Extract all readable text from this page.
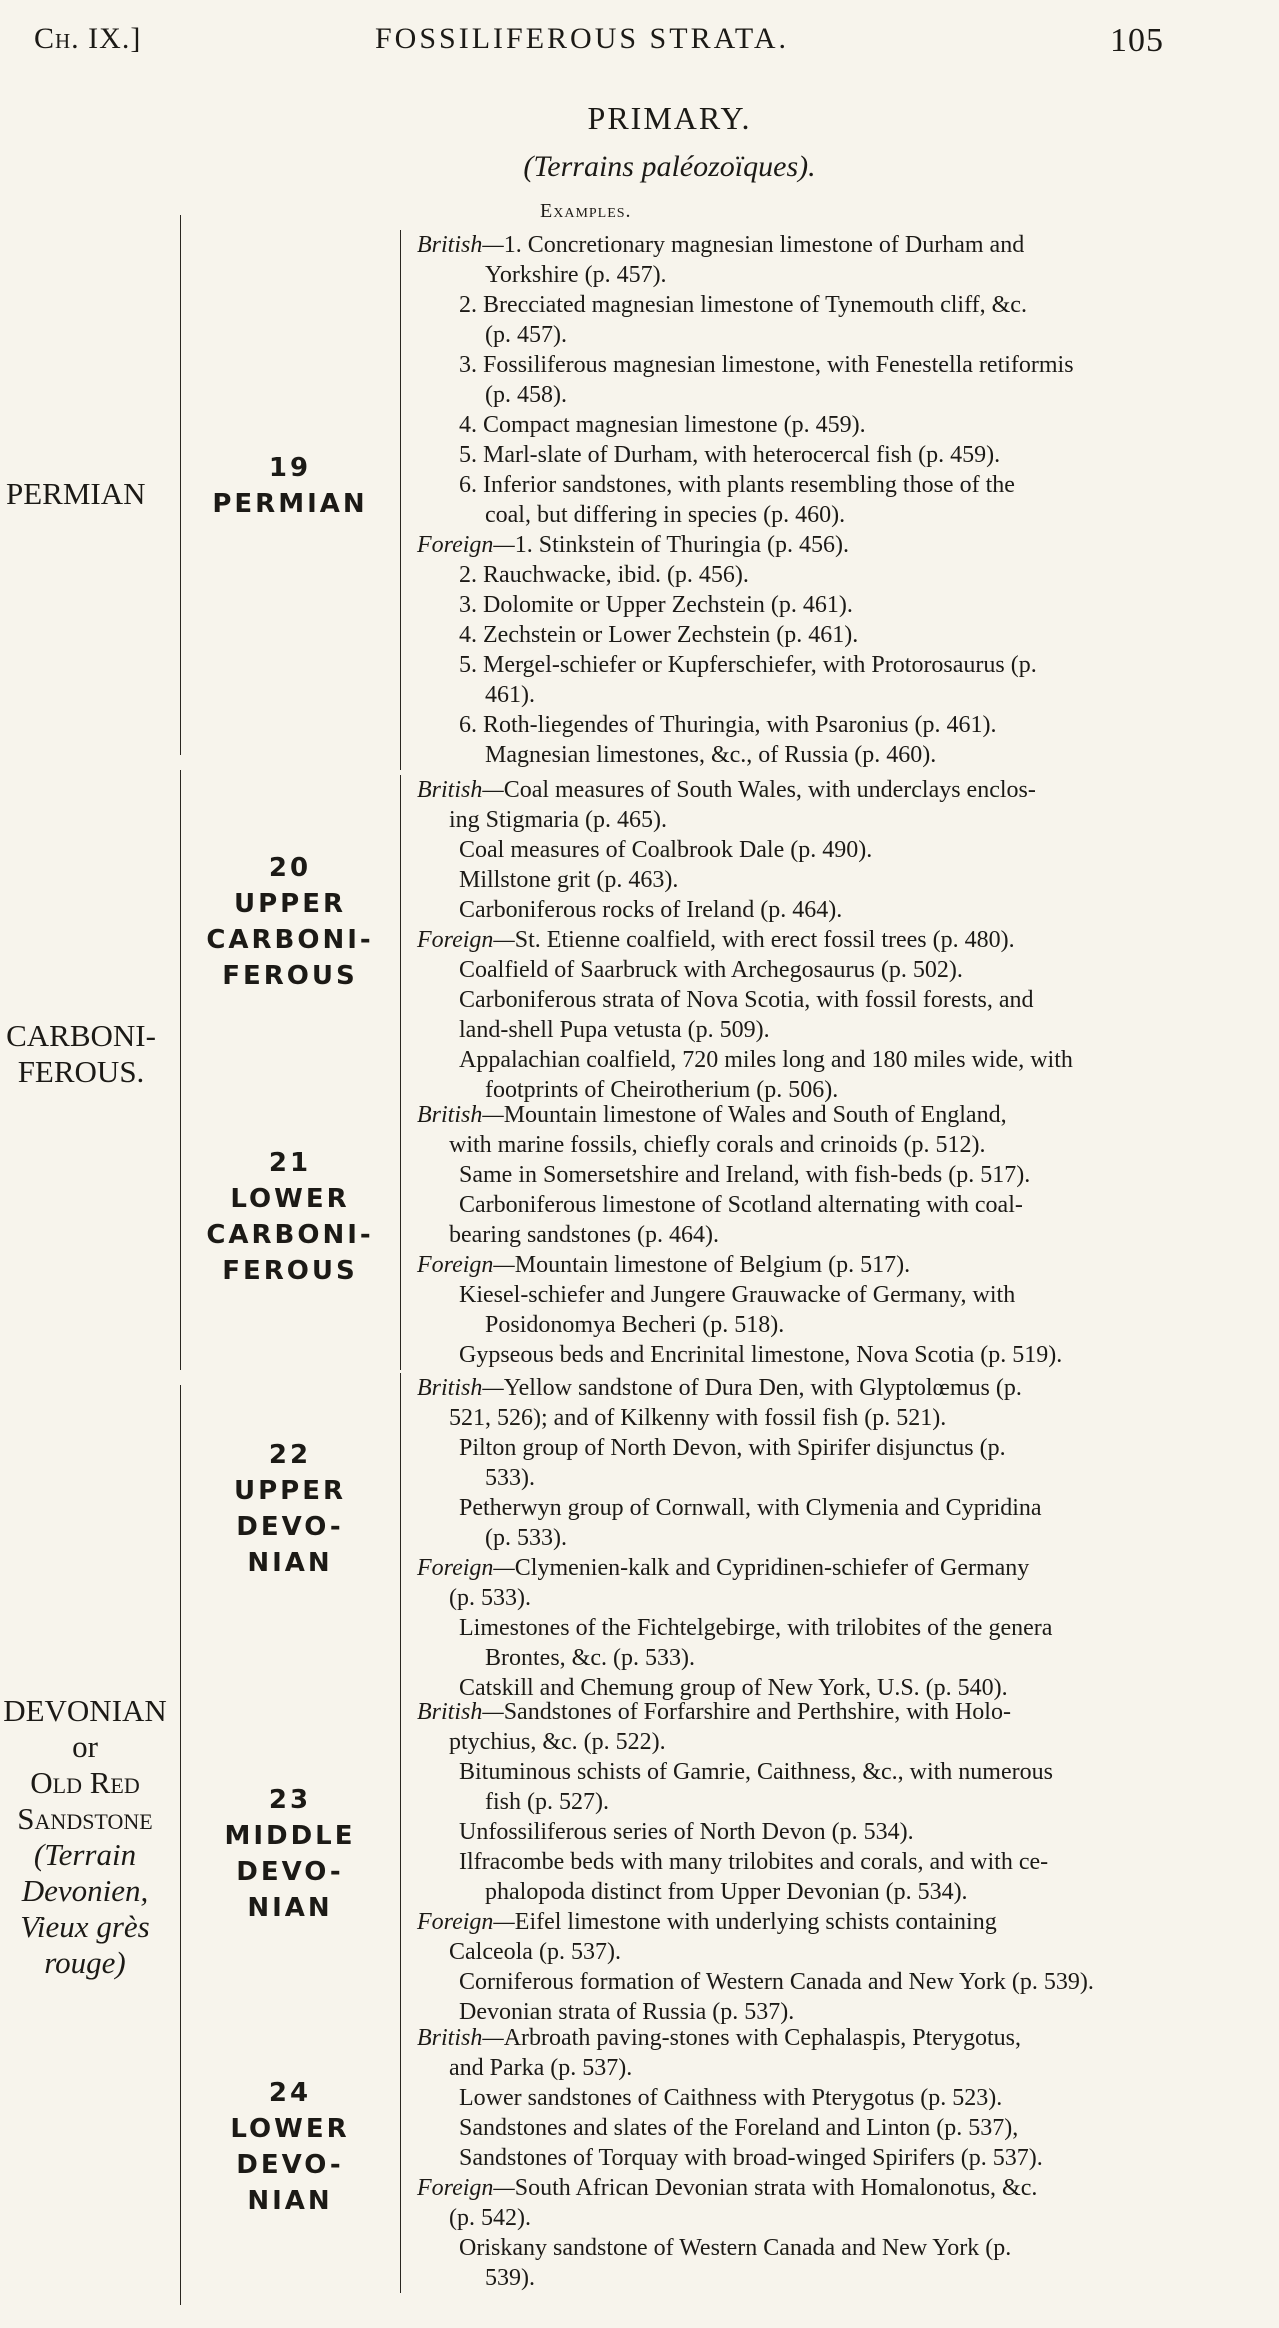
Ch. IX.]	FOSSILIFEROUS STRATA.	105
PRIMARY.
(Terrains paléozoïques).
Examples.
PERMIAN
CARBONI-
FEROUS.
DEVONIAN
or
Old Red
Sandstone
(Terrain
Devonien,
Vieux grès
rouge)
19
PERMIAN
20
UPPER
CARBONI-
FEROUS
21
LOWER
CARBONI-
FEROUS
22
UPPER
DEVO-
NIAN
23
MIDDLE
DEVO-
NIAN
24
LOWER
DEVO-
NIAN
British—1. Concretionary magnesian limestone of Durham and
Yorkshire (p. 457).
2. Brecciated magnesian limestone of Tynemouth cliff, &c.
(p. 457).
3. Fossiliferous magnesian limestone, with Fenestella retiformis
(p. 458).
4. Compact magnesian limestone (p. 459).
5. Marl-slate of Durham, with heterocercal fish (p. 459).
6. Inferior sandstones, with plants resembling those of the
coal, but differing in species (p. 460).
Foreign—1. Stinkstein of Thuringia (p. 456).
2. Rauchwacke, ibid. (p. 456).
3. Dolomite or Upper Zechstein (p. 461).
4. Zechstein or Lower Zechstein (p. 461).
5. Mergel-schiefer or Kupferschiefer, with Protorosaurus (p.
461).
6. Roth-liegendes of Thuringia, with Psaronius (p. 461).
Magnesian limestones, &c., of Russia (p. 460).
British—Coal measures of South Wales, with underclays enclos-
ing Stigmaria (p. 465).
Coal measures of Coalbrook Dale (p. 490).
Millstone grit (p. 463).
Carboniferous rocks of Ireland (p. 464).
Foreign—St. Etienne coalfield, with erect fossil trees (p. 480).
Coalfield of Saarbruck with Archegosaurus (p. 502).
Carboniferous strata of Nova Scotia, with fossil forests, and
land-shell Pupa vetusta (p. 509).
Appalachian coalfield, 720 miles long and 180 miles wide, with
footprints of Cheirotherium (p. 506).
British—Mountain limestone of Wales and South of England,
with marine fossils, chiefly corals and crinoids (p. 512).
Same in Somersetshire and Ireland, with fish-beds (p. 517).
Carboniferous limestone of Scotland alternating with coal-
bearing sandstones (p. 464).
Foreign—Mountain limestone of Belgium (p. 517).
Kiesel-schiefer and Jungere Grauwacke of Germany, with
Posidonomya Becheri (p. 518).
Gypseous beds and Encrinital limestone, Nova Scotia (p. 519).
British—Yellow sandstone of Dura Den, with Glyptolœmus (p.
521, 526); and of Kilkenny with fossil fish (p. 521).
Pilton group of North Devon, with Spirifer disjunctus (p.
533).
Petherwyn group of Cornwall, with Clymenia and Cypridina
(p. 533).
Foreign—Clymenien-kalk and Cypridinen-schiefer of Germany
(p. 533).
Limestones of the Fichtelgebirge, with trilobites of the genera
Brontes, &c. (p. 533).
Catskill and Chemung group of New York, U.S. (p. 540).
British—Sandstones of Forfarshire and Perthshire, with Holo-
ptychius, &c. (p. 522).
Bituminous schists of Gamrie, Caithness, &c., with numerous
fish (p. 527).
Unfossiliferous series of North Devon (p. 534).
Ilfracombe beds with many trilobites and corals, and with ce-
phalopoda distinct from Upper Devonian (p. 534).
Foreign—Eifel limestone with underlying schists containing
Calceola (p. 537).
Corniferous formation of Western Canada and New York (p. 539).
Devonian strata of Russia (p. 537).
British—Arbroath paving-stones with Cephalaspis, Pterygotus,
and Parka (p. 537).
Lower sandstones of Caithness with Pterygotus (p. 523).
Sandstones and slates of the Foreland and Linton (p. 537),
Sandstones of Torquay with broad-winged Spirifers (p. 537).
Foreign—South African Devonian strata with Homalonotus, &c.
(p. 542).
Oriskany sandstone of Western Canada and New York (p.
539).
